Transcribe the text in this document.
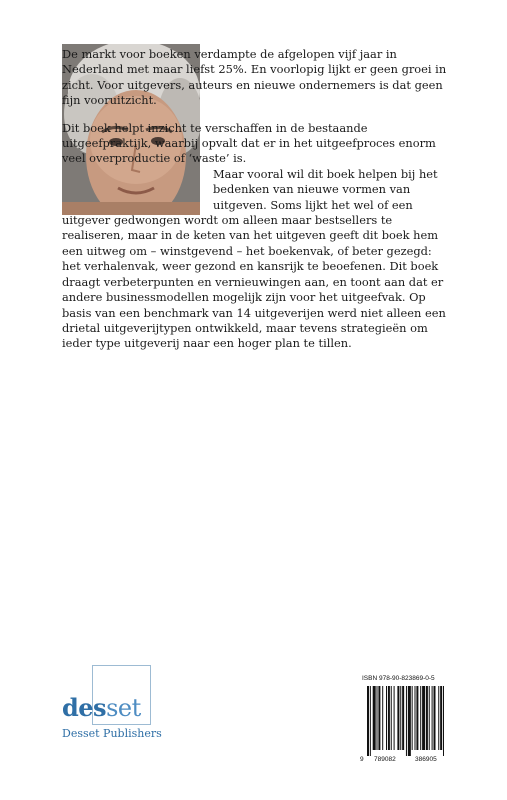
De markt voor boeken verdampte de afgelopen vijf jaar in Nederland met maar liefst 25%. En voorlopig lijkt er geen groei in zicht. Voor uitgevers, auteurs en nieuwe ondernemers is dat geen fijn vooruitzicht.

Dit boek helpt inzicht te verschaffen in de bestaande uitgeefpraktijk, waarbij opvalt dat er in het uitgeefproces enorm veel overproductie of ‘waste’ is.

Maar vooral wil dit boek helpen bij het bedenken van nieuwe vormen van uitgeven. Soms lijkt het wel of een uitgever gedwongen wordt om alleen maar bestsellers te realiseren, maar in de keten van het uitgeven geeft dit boek hem een uitweg om – winstgevend – het boekenvak, of beter gezegd: het verhalenvak, weer gezond en kansrijk te beoefenen. Dit boek draagt verbeterpunten en vernieuwingen aan, en toont aan dat er andere businessmodellen mogelijk zijn voor het uitgeefvak. Op basis van een benchmark van 14 uitgeverijen werd niet alleen een drietal uitgeverijtypen ontwikkeld, maar tevens strategieën om ieder type uitgeverij naar een hoger plan te tillen.

desset
Desset Publishers
ISBN 978-90-823869-0-5
9 789082	386905
